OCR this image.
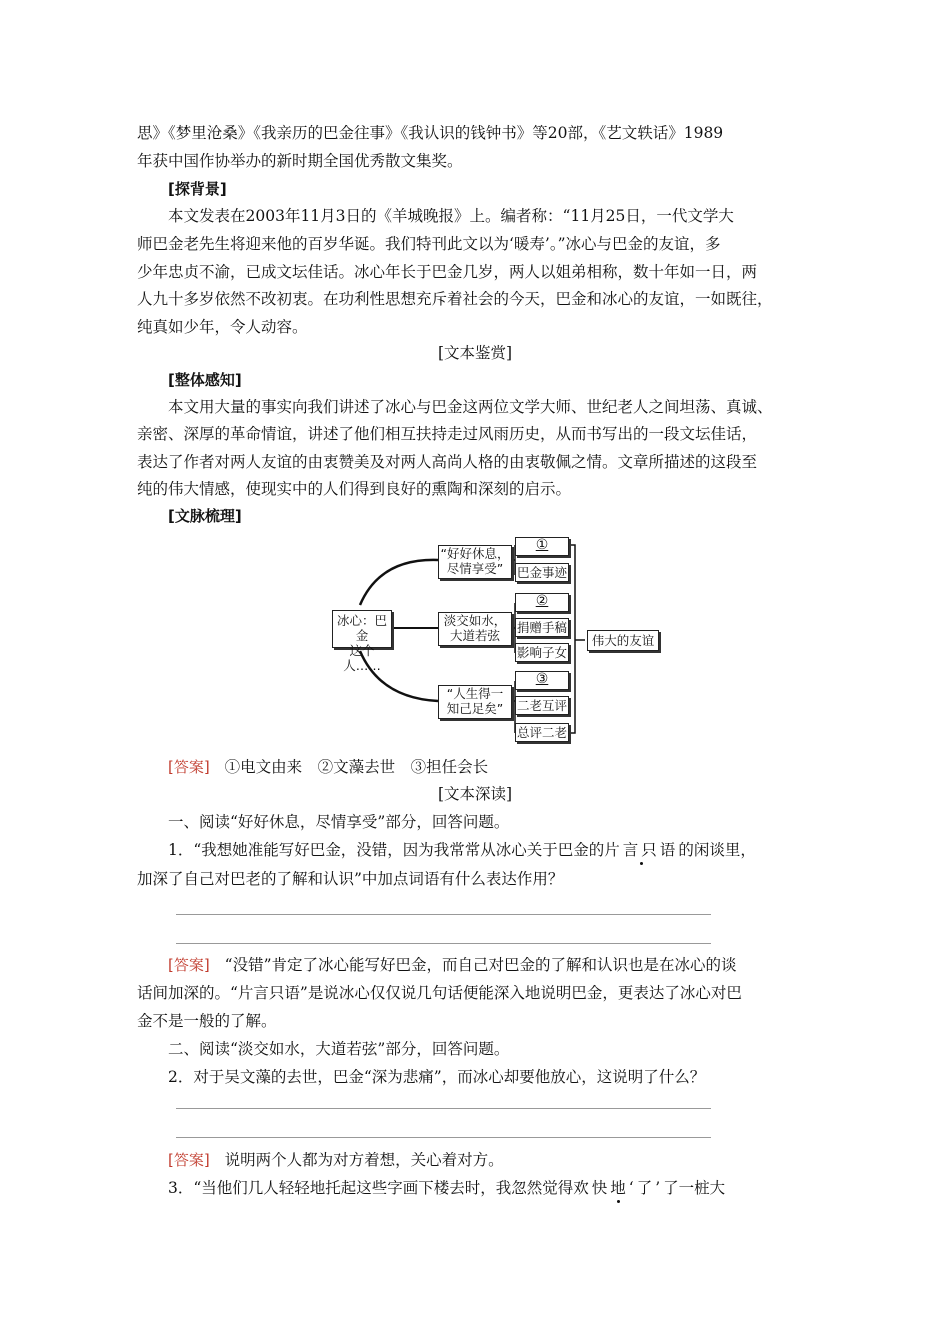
思》《梦里沧桑》《我亲历的巴金往事》《我认识的钱钟书》等20部，《艺文轶话》1989
年获中国作协举办的新时期全国优秀散文集奖。
[探背景]
本文发表在2003年11月3日的《羊城晚报》上。编者称：“11月25日，一代文学大
师巴金老先生将迎来他的百岁华诞。我们特刊此文以为‘暖寿’。”冰心与巴金的友谊，多
少年忠贞不渝，已成文坛佳话。冰心年长于巴金几岁，两人以姐弟相称，数十年如一日，两
人九十多岁依然不改初衷。在功利性思想充斥着社会的今天，巴金和冰心的友谊，一如既往，
纯真如少年，令人动容。
[文本鉴赏]
[整体感知]
本文用大量的事实向我们讲述了冰心与巴金这两位文学大师、世纪老人之间坦荡、真诚、
亲密、深厚的革命情谊，讲述了他们相互扶持走过风雨历史，从而书写出的一段文坛佳话，
表达了作者对两人友谊的由衷赞美及对两人高尚人格的由衷敬佩之情。文章所描述的这段至
纯的伟大情感，使现实中的人们得到良好的熏陶和深刻的启示。
[文脉梳理]
冰心：巴金
这个人……
“好好休息，
尽情享受”
淡交如水，
大道若弦
“人生得一
知己足矣”
①
巴金事迹
②
捐赠手稿
影响子女
③
二老互评
总评二老
伟大的友谊
[答案] ①电文由来　②文藻去世　③担任会长
[文本深读]
一、阅读“好好休息，尽情享受”部分，回答问题。
1．“我想她准能写好巴金，没错，因为我常常从冰心关于巴金的片言只语的闲谈里，
加深了自己对巴老的了解和认识”中加点词语有什么表达作用？
[答案] “没错”肯定了冰心能写好巴金，而自己对巴金的了解和认识也是在冰心的谈
话间加深的。“片言只语”是说冰心仅仅说几句话便能深入地说明巴金，更表达了冰心对巴
金不是一般的了解。
二、阅读“淡交如水，大道若弦”部分，回答问题。
2．对于吴文藻的去世，巴金“深为悲痛”，而冰心却要他放心，这说明了什么？
[答案] 说明两个人都为对方着想，关心着对方。
3．“当他们几人轻轻地托起这些字画下楼去时，我忽然觉得欢快地‘了’了一桩大
